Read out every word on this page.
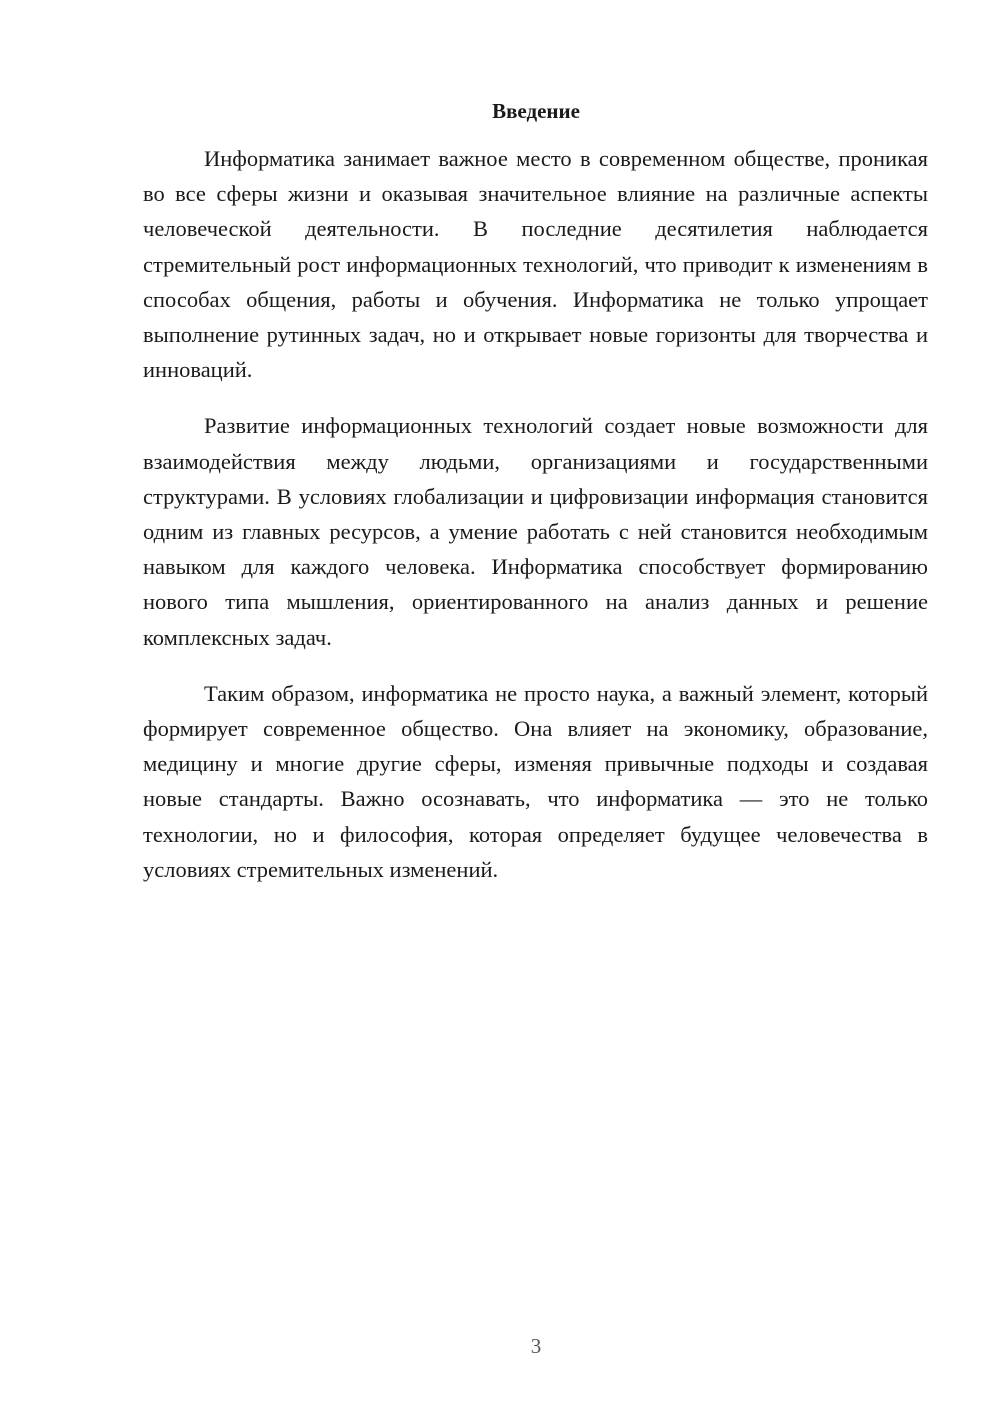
Введение

Информатика занимает важное место в современном обществе, проникая во все сферы жизни и оказывая значительное влияние на различные аспекты человеческой деятельности. В последние десятилетия наблюдается стремительный рост информационных технологий, что приводит к изменениям в способах общения, работы и обучения. Информатика не только упрощает выполнение рутинных задач, но и открывает новые горизонты для творчества и инноваций.

Развитие информационных технологий создает новые возможности для взаимодействия между людьми, организациями и государственными структурами. В условиях глобализации и цифровизации информация становится одним из главных ресурсов, а умение работать с ней становится необходимым навыком для каждого человека. Информатика способствует формированию нового типа мышления, ориентированного на анализ данных и решение комплексных задач.

Таким образом, информатика не просто наука, а важный элемент, который формирует современное общество. Она влияет на экономику, образование, медицину и многие другие сферы, изменяя привычные подходы и создавая новые стандарты. Важно осознавать, что информатика — это не только технологии, но и философия, которая определяет будущее человечества в условиях стремительных изменений.

3
